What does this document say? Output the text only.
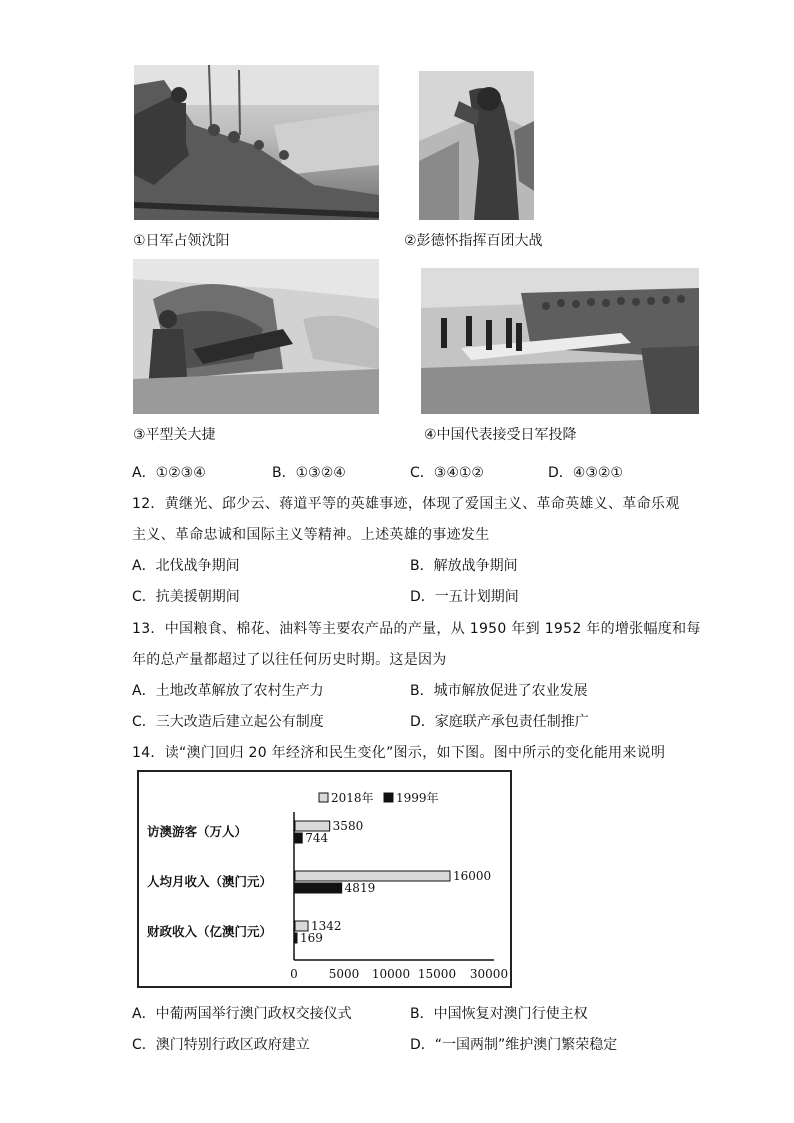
①日军占领沈阳	②彭德怀指挥百团大战
③平型关大捷	④中国代表接受日军投降
A．①②③④	B．①③②④	C．③④①②	D．④③②①
12．黄继光、邱少云、蒋道平等的英雄事迹，体现了爱国主义、革命英雄义、革命乐观
主义、革命忠诚和国际主义等精神。上述英雄的事迹发生
A．北伐战争期间	B．解放战争期间
C．抗美援朝期间	D．一五计划期间
13．中国粮食、棉花、油料等主要农产品的产量，从 1950 年到 1952 年的增张幅度和每
年的总产量都超过了以往任何历史时期。这是因为
A．土地改革解放了农村生产力	B．城市解放促进了农业发展
C．三大改造后建立起公有制度	D．家庭联产承包责任制推广
14．读“澳门回归 20 年经济和民生变化”图示，如下图。图中所示的变化能用来说明
2018年 1999年
0	5000 10000 15000 30000
访澳游客（万人）	3580
744
人均月收入（澳门元）	16000
4819
财政收入（亿澳门元）	1342
169
A．中葡两国举行澳门政权交接仪式	B．中国恢复对澳门行使主权
C．澳门特别行政区政府建立	D．“一国两制”维护澳门繁荣稳定
